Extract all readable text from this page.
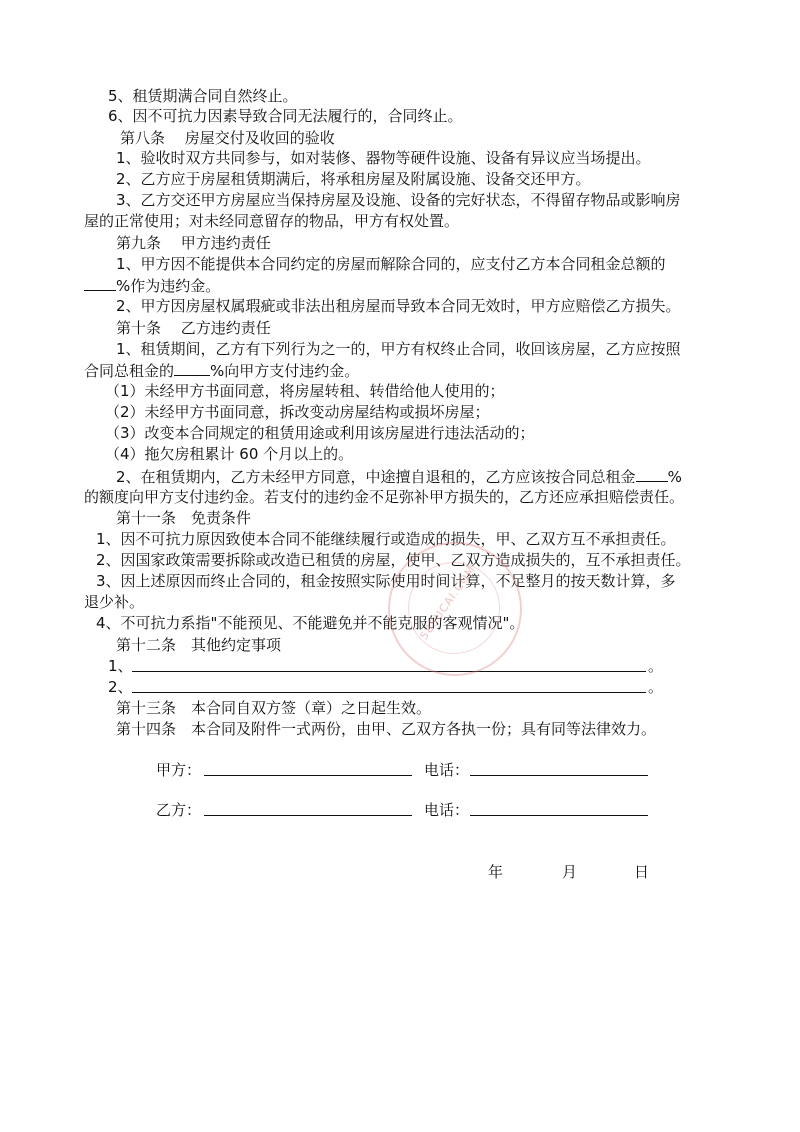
5、租赁期满合同自然终止。
6、因不可抗力因素导致合同无法履行的，合同终止。
第八条　 房屋交付及收回的验收
1、验收时双方共同参与，如对装修、器物等硬件设施、设备有异议应当场提出。
2、乙方应于房屋租赁期满后，将承租房屋及附属设施、设备交还甲方。
3、乙方交还甲方房屋应当保持房屋及设施、设备的完好状态，不得留存物品或影响房
屋的正常使用；对未经同意留存的物品，甲方有权处置。
第九条　 甲方违约责任
1、甲方因不能提供本合同约定的房屋而解除合同的，应支付乙方本合同租金总额的
%作为违约金。
2、甲方因房屋权属瑕疵或非法出租房屋而导致本合同无效时，甲方应赔偿乙方损失。
第十条　 乙方违约责任
1、租赁期间，乙方有下列行为之一的，甲方有权终止合同，收回该房屋，乙方应按照
合同总租金的 %向甲方支付违约金。
（1）未经甲方书面同意，将房屋转租、转借给他人使用的；
（2）未经甲方书面同意，拆改变动房屋结构或损坏房屋；
（3）改变本合同规定的租赁用途或利用该房屋进行违法活动的；
（4）拖欠房租累计 60 个月以上的。
2、在租赁期内，乙方未经甲方同意，中途擅自退租的，乙方应该按合同总租金 %
的额度向甲方支付违约金。若支付的违约金不足弥补甲方损失的，乙方还应承担赔偿责任。
第十一条　免责条件
1、因不可抗力原因致使本合同不能继续履行或造成的损失，甲、乙双方互不承担责任。
2、因国家政策需要拆除或改造已租赁的房屋，使甲、乙双方造成损失的，互不承担责任。
3、因上述原因而终止合同的，租金按照实际使用时间计算，不足整月的按天数计算，多
退少补。
4、不可抗力系指"不能预见、不能避免并不能克服的客观情况"。
第十二条　其他约定事项
1、	。
2、	。
第十三条　本合同自双方签（章）之日起生效。
第十四条　本合同及附件一式两份，由甲、乙双方各执一份；具有同等法律效力。
甲方：	电话：
乙方：	电话：
年	月	日
58SUCAI.COM
